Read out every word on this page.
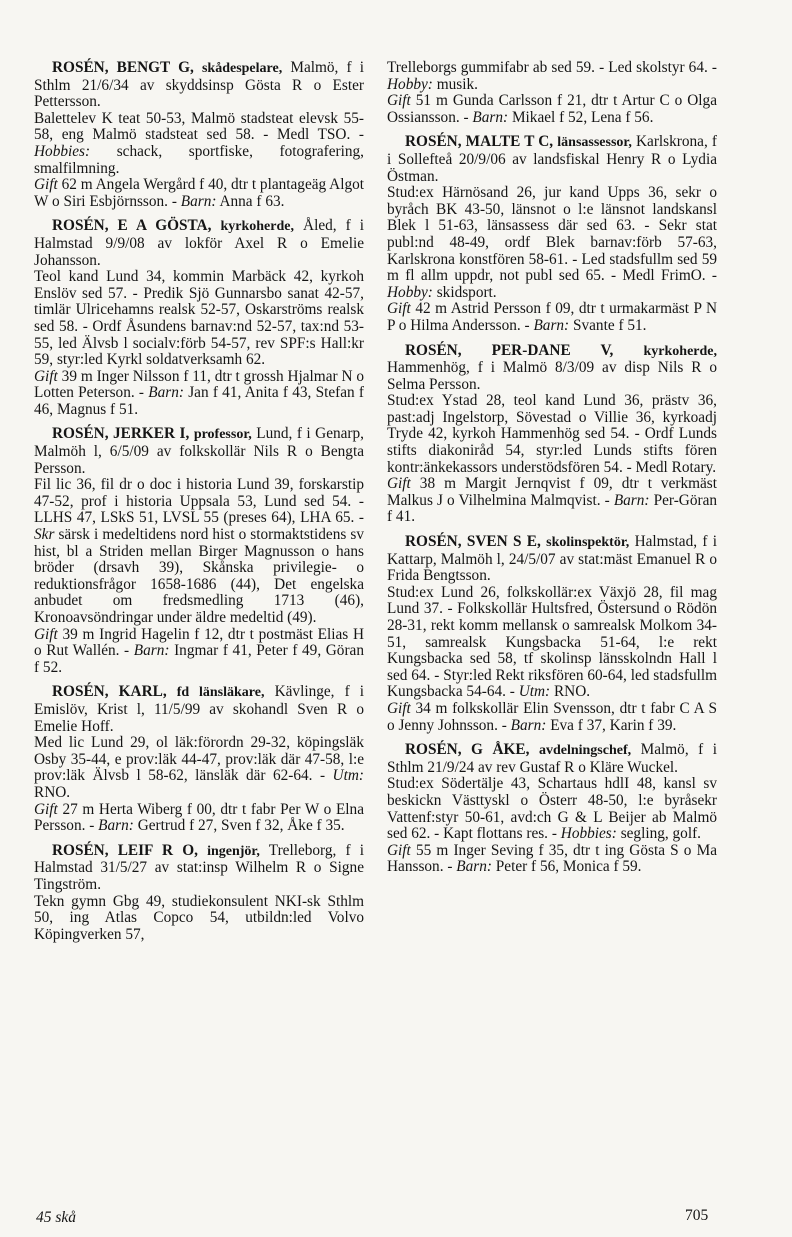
ROSÉN, BENGT G, skådespelare, Malmö, f i Sthlm 21/6/34 av skyddsinsp Gösta R o Ester Pettersson.

Balettelev K teat 50-53, Malmö stadsteat elevsk 55-58, eng Malmö stadsteat sed 58. - Medl TSO. - Hobbies: schack, sportfiske, fotografering, smalfilmning.

Gift 62 m Angela Wergård f 40, dtr t plantageäg Algot W o Siri Esbjörnsson. - Barn: Anna f 63.

ROSÉN, E A GÖSTA, kyrkoherde, Åled, f i Halmstad 9/9/08 av lokför Axel R o Emelie Johansson.

Teol kand Lund 34, kommin Marbäck 42, kyrkoh Enslöv sed 57. - Predik Sjö Gunnarsbo sanat 42-57, timlär Ulricehamns realsk 52-57, Oskarströms realsk sed 58. - Ordf Åsundens barnav:nd 52-57, tax:nd 53-55, led Älvsb l socialv:förb 54-57, rev SPF:s Hall:kr 59, styr:led Kyrkl soldatverksamh 62.

Gift 39 m Inger Nilsson f 11, dtr t grossh Hjalmar N o Lotten Peterson. - Barn: Jan f 41, Anita f 43, Stefan f 46, Magnus f 51.

ROSÉN, JERKER I, professor, Lund, f i Genarp, Malmöh l, 6/5/09 av folkskollär Nils R o Bengta Persson.

Fil lic 36, fil dr o doc i historia Lund 39, forskarstip 47-52, prof i historia Uppsala 53, Lund sed 54. - LLHS 47, LSkS 51, LVSL 55 (preses 64), LHA 65. - Skr särsk i medeltidens nord hist o stormaktstidens sv hist, bl a Striden mellan Birger Magnusson o hans bröder (drsavh 39), Skånska privilegie- o reduktionsfrågor 1658-1686 (44), Det engelska anbudet om fredsmedling 1713 (46), Kronoavsöndringar under äldre medeltid (49).

Gift 39 m Ingrid Hagelin f 12, dtr t postmäst Elias H o Rut Wallén. - Barn: Ingmar f 41, Peter f 49, Göran f 52.

ROSÉN, KARL, fd länsläkare, Kävlinge, f i Emislöv, Krist l, 11/5/99 av skohandl Sven R o Emelie Hoff.

Med lic Lund 29, ol läk:förordn 29-32, köpingsläk Osby 35-44, e prov:läk 44-47, prov:läk där 47-58, l:e prov:läk Älvsb l 58-62, länsläk där 62-64. - Utm: RNO.

Gift 27 m Herta Wiberg f 00, dtr t fabr Per W o Elna Persson. - Barn: Gertrud f 27, Sven f 32, Åke f 35.

ROSÉN, LEIF R O, ingenjör, Trelleborg, f i Halmstad 31/5/27 av stat:insp Wilhelm R o Signe Tingström.

Tekn gymn Gbg 49, studiekonsulent NKI-sk Sthlm 50, ing Atlas Copco 54, utbildn:led Volvo Köpingverken 57,

Trelleborgs gummifabr ab sed 59. - Led skolstyr 64. - Hobby: musik.

Gift 51 m Gunda Carlsson f 21, dtr t Artur C o Olga Ossiansson. - Barn: Mikael f 52, Lena f 56.

ROSÉN, MALTE T C, länsassessor, Karlskrona, f i Sollefteå 20/9/06 av landsfiskal Henry R o Lydia Östman.

Stud:ex Härnösand 26, jur kand Upps 36, sekr o byråch BK 43-50, länsnot o l:e länsnot landskansl Blek l 51-63, länsassess där sed 63. - Sekr stat publ:nd 48-49, ordf Blek barnav:förb 57-63, Karlskrona konstfören 58-61. - Led stadsfullm sed 59 m fl allm uppdr, not publ sed 65. - Medl FrimO. - Hobby: skidsport.

Gift 42 m Astrid Persson f 09, dtr t urmakarmäst P N P o Hilma Andersson. - Barn: Svante f 51.

ROSÉN, PER-DANE V, kyrkoherde, Hammenhög, f i Malmö 8/3/09 av disp Nils R o Selma Persson.

Stud:ex Ystad 28, teol kand Lund 36, prästv 36, past:adj Ingelstorp, Sövestad o Villie 36, kyrkoadj Tryde 42, kyrkoh Hammenhög sed 54. - Ordf Lunds stifts diakoniråd 54, styr:led Lunds stifts fören kontr:änkekassors understödsfören 54. - Medl Rotary.

Gift 38 m Margit Jernqvist f 09, dtr t verkmäst Malkus J o Vilhelmina Malmqvist. - Barn: Per-Göran f 41.

ROSÉN, SVEN S E, skolinspektör, Halmstad, f i Kattarp, Malmöh l, 24/5/07 av stat:mäst Emanuel R o Frida Bengtsson.

Stud:ex Lund 26, folkskollär:ex Växjö 28, fil mag Lund 37. - Folkskollär Hultsfred, Östersund o Rödön 28-31, rekt komm mellansk o samrealsk Molkom 34-51, samrealsk Kungsbacka 51-64, l:e rekt Kungsbacka sed 58, tf skolinsp länsskolndn Hall l sed 64. - Styr:led Rekt riksfören 60-64, led stadsfullm Kungsbacka 54-64. - Utm: RNO.

Gift 34 m folkskollär Elin Svensson, dtr t fabr C A S o Jenny Johnsson. - Barn: Eva f 37, Karin f 39.

ROSÉN, G ÅKE, avdelningschef, Malmö, f i Sthlm 21/9/24 av rev Gustaf R o Kläre Wuckel.

Stud:ex Södertälje 43, Schartaus hdlI 48, kansl sv beskickn Västtyskl o Österr 48-50, l:e byråsekr Vattenf:styr 50-61, avd:ch G & L Beijer ab Malmö sed 62. - Kapt flottans res. - Hobbies: segling, golf.

Gift 55 m Inger Seving f 35, dtr t ing Gösta S o Ma Hansson. - Barn: Peter f 56, Monica f 59.

45 skå	705
